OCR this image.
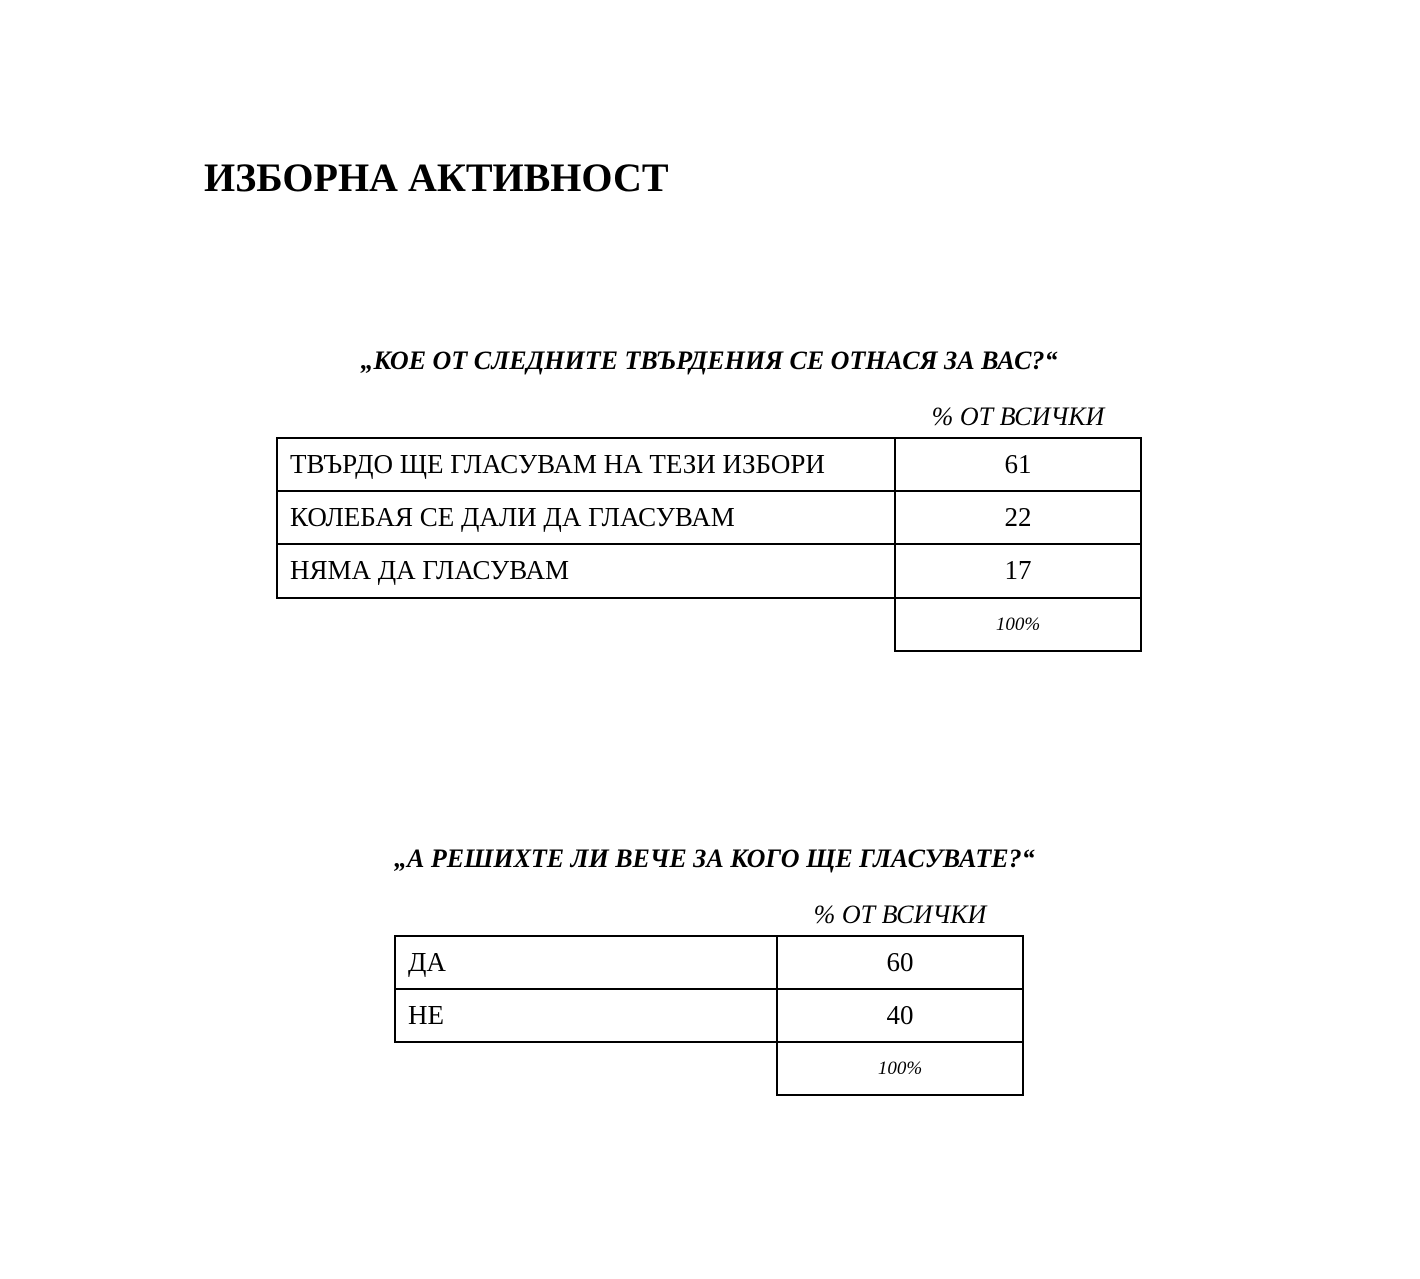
ИЗБОРНА АКТИВНОСТ
„КОЕ ОТ СЛЕДНИТЕ ТВЪРДЕНИЯ СЕ ОТНАСЯ ЗА ВАС?“
% ОТ ВСИЧКИ
ТВЪРДО ЩЕ ГЛАСУВАМ НА ТЕЗИ ИЗБОРИ	61
КОЛЕБАЯ СЕ ДАЛИ ДА ГЛАСУВАМ	22
НЯМА ДА ГЛАСУВАМ	17
100%
„А РЕШИХТЕ ЛИ ВЕЧЕ ЗА КОГО ЩЕ ГЛАСУВАТЕ?“
% ОТ ВСИЧКИ
ДА	60
НЕ	40
100%
